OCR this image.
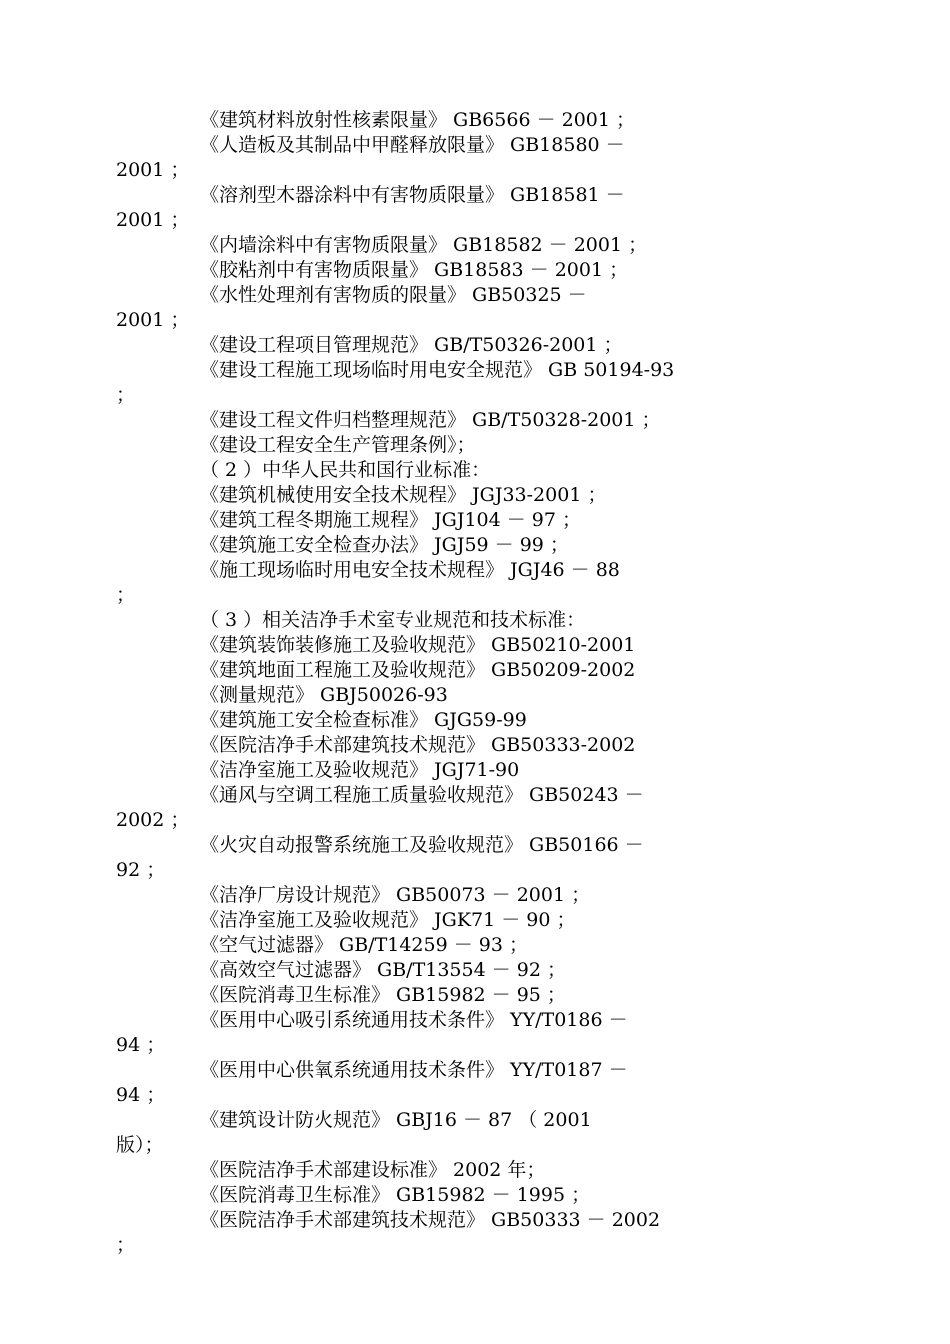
《建筑材料放射性核素限量》 GB6566 － 2001 ；
《人造板及其制品中甲醛释放限量》 GB18580 －
2001 ；
《溶剂型木器涂料中有害物质限量》 GB18581 －
2001 ；
《内墙涂料中有害物质限量》 GB18582 － 2001 ；
《胶粘剂中有害物质限量》 GB18583 － 2001 ；
《水性处理剂有害物质的限量》 GB50325 －
2001 ；
《建设工程项目管理规范》 GB/T50326-2001 ；
《建设工程施工现场临时用电安全规范》 GB 50194-93
；
《建设工程文件归档整理规范》 GB/T50328-2001 ；
《建设工程安全生产管理条例》；
（ 2 ）中华人民共和国行业标准：
《建筑机械使用安全技术规程》 JGJ33-2001 ；
《建筑工程冬期施工规程》 JGJ104 － 97 ；
《建筑施工安全检查办法》 JGJ59 － 99 ；
《施工现场临时用电安全技术规程》 JGJ46 － 88
；
（ 3 ）相关洁净手术室专业规范和技术标准：
《建筑装饰装修施工及验收规范》 GB50210-2001
《建筑地面工程施工及验收规范》 GB50209-2002
《测量规范》 GBJ50026-93
《建筑施工安全检查标准》 GJG59-99
《医院洁净手术部建筑技术规范》 GB50333-2002
《洁净室施工及验收规范》 JGJ71-90
《通风与空调工程施工质量验收规范》 GB50243 －
2002 ；
《火灾自动报警系统施工及验收规范》 GB50166 －
92 ；
《洁净厂房设计规范》 GB50073 － 2001 ；
《洁净室施工及验收规范》 JGK71 － 90 ；
《空气过滤器》 GB/T14259 － 93 ；
《高效空气过滤器》 GB/T13554 － 92 ；
《医院消毒卫生标准》 GB15982 － 95 ；
《医用中心吸引系统通用技术条件》 YY/T0186 －
94 ；
《医用中心供氧系统通用技术条件》 YY/T0187 －
94 ；
《建筑设计防火规范》 GBJ16 － 87 （ 2001
版）；
《医院洁净手术部建设标准》 2002 年；
《医院消毒卫生标准》 GB15982 － 1995 ；
《医院洁净手术部建筑技术规范》 GB50333 － 2002
；
